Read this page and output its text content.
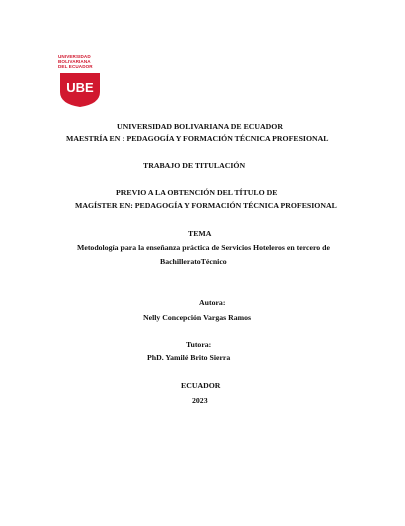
UNIVERSIDAD
BOLIVARIANA
DEL ECUADOR
UBE
UNIVERSIDAD BOLIVARIANA DE ECUADOR
MAESTRÍA EN : PEDAGOGÍA Y FORMACIÓN TÉCNICA PROFESIONAL
TRABAJO DE TITULACIÓN
PREVIO A LA OBTENCIÓN DEL TÍTULO DE
MAGÍSTER EN: PEDAGOGÍA Y FORMACIÓN TÉCNICA PROFESIONAL
TEMA
Metodología para la enseñanza práctica de Servicios Hoteleros en tercero de
BachilleratoTécnico
Autora:
Nelly Concepción Vargas Ramos
Tutora:
PhD. Yamilé Brito Sierra
ECUADOR
2023
